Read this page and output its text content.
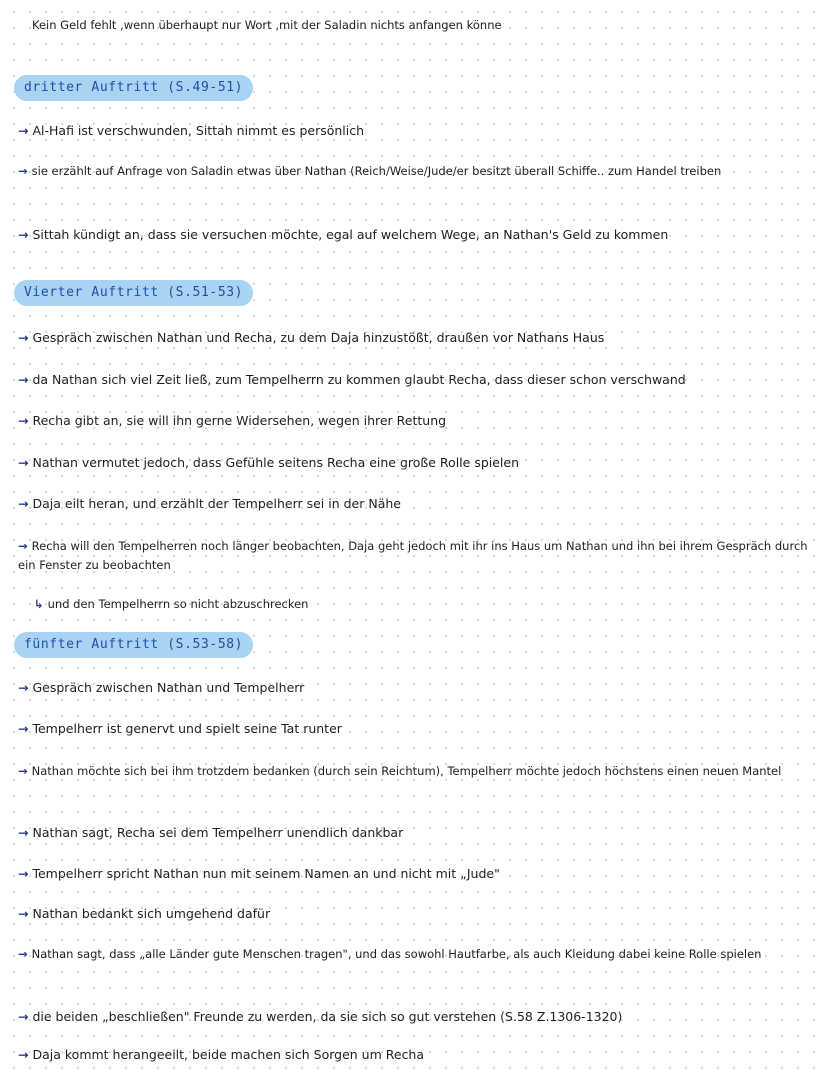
Kein Geld fehlt ,wenn überhaupt nur Wort ,mit der Saladin nichts anfangen könne
dritter Auftritt (S.49-51)
→ Al-Hafi ist verschwunden, Sittah nimmt es persönlich
→ sie erzählt auf Anfrage von Saladin etwas über Nathan (Reich/Weise/Jude/er besitzt überall Schiffe.. zum Handel treiben
→ Sittah kündigt an, dass sie versuchen möchte, egal auf welchem Wege, an Nathan's Geld zu kommen
Vierter Auftritt (S.51-53)
→ Gespräch zwischen Nathan und Recha, zu dem Daja hinzustößt, draußen vor Nathans Haus
→ da Nathan sich viel Zeit ließ, zum Tempelherrn zu kommen glaubt Recha, dass dieser schon verschwand
→ Recha gibt an, sie will ihn gerne Widersehen, wegen ihrer Rettung
→ Nathan vermutet jedoch, dass Gefühle seitens Recha eine große Rolle spielen
→ Daja eilt heran, und erzählt der Tempelherr sei in der Nähe
→ Recha will den Tempelherren noch länger beobachten, Daja geht jedoch mit ihr ins Haus um Nathan und ihn bei ihrem Gespräch durch ein Fenster zu beobachten
↳ und den Tempelherrn so nicht abzuschrecken
fünfter Auftritt (S.53-58)
→ Gespräch zwischen Nathan und Tempelherr
→ Tempelherr ist genervt und spielt seine Tat runter
→ Nathan möchte sich bei ihm trotzdem bedanken (durch sein Reichtum), Tempelherr möchte jedoch höchstens einen neuen Mantel
→ Nathan sagt, Recha sei dem Tempelherr unendlich dankbar
→ Tempelherr spricht Nathan nun mit seinem Namen an und nicht mit „Jude"
→ Nathan bedankt sich umgehend dafür
→ Nathan sagt, dass „alle Länder gute Menschen tragen", und das sowohl Hautfarbe, als auch Kleidung dabei keine Rolle spielen
→ die beiden „beschließen" Freunde zu werden, da sie sich so gut verstehen (S.58 Z.1306-1320)
→ Daja kommt herangeeilt, beide machen sich Sorgen um Recha
